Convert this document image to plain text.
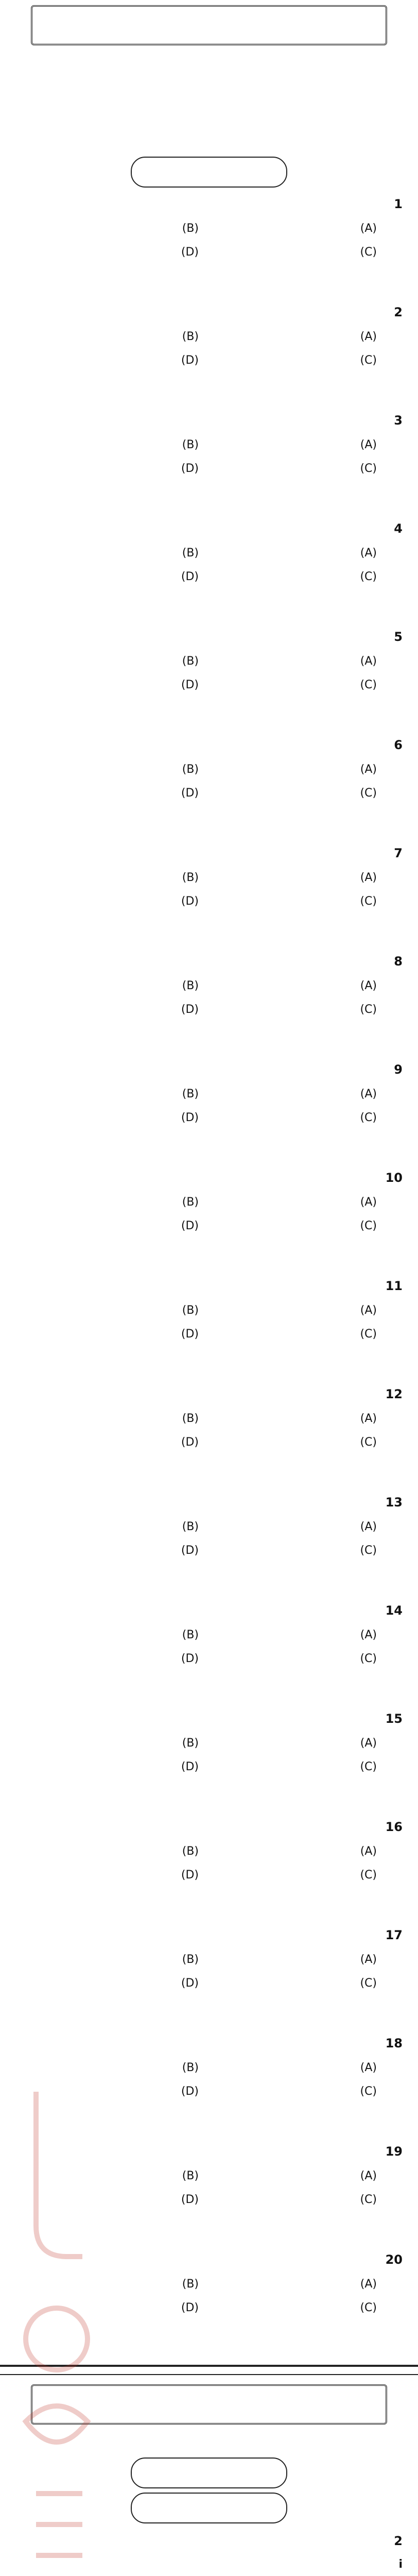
1
(A)
(B)
(C)
(D)
2
(A)
(B)
(C)
(D)
3
(A)
(B)
(C)
(D)
4
(A)
(B)
(C)
(D)
5
(A)
(B)
(C)
(D)
6
(A)
(B)
(C)
(D)
7
(A)
(B)
(C)
(D)
8
(A)
(B)
(C)
(D)
9
(A)
(B)
(C)
(D)
10
(A)
(B)
(C)
(D)
11
(A)
(B)
(C)
(D)
12
(A)
(B)
(C)
(D)
13
(A)
(B)
(C)
(D)
14
(A)
(B)
(C)
(D)
15
(A)
(B)
(C)
(D)
16
(A)
(B)
(C)
(D)
17
(A)
(B)
(C)
(D)
18
(A)
(B)
(C)
(D)
19
(A)
(B)
(C)
(D)
20
(A)
(B)
(C)
(D)
2
i
